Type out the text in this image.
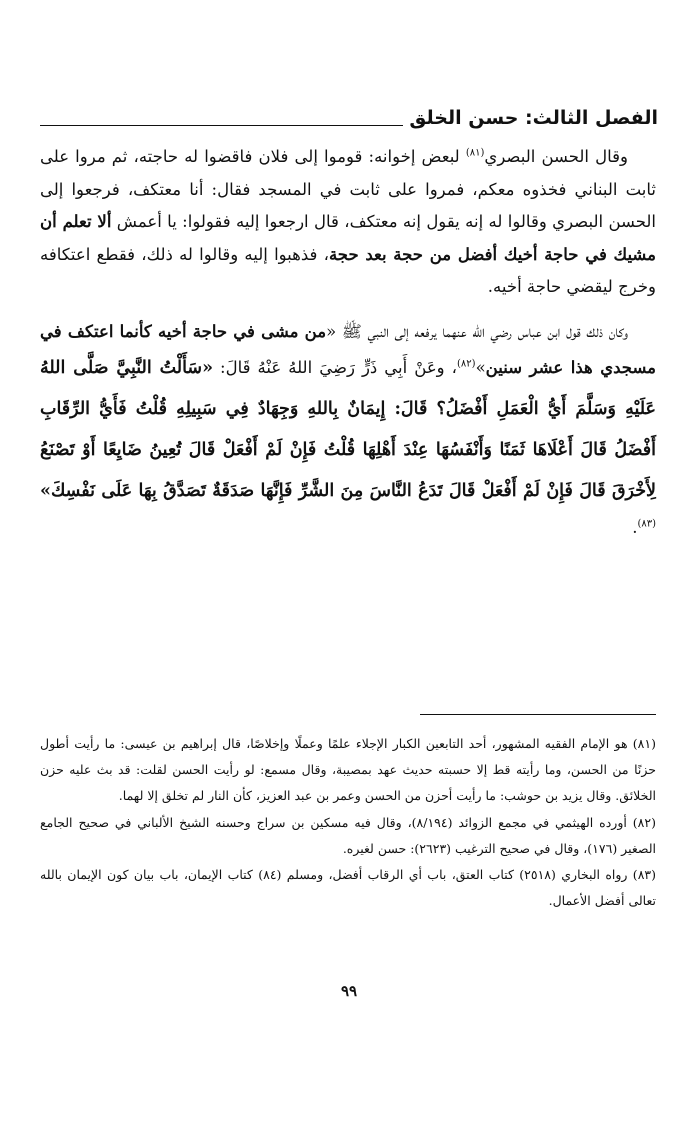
الفصل الثالث: حسن الخلق

وقال الحسن البصري$^{(٨١)}$ لبعض إخوانه: قوموا إلى فلان فاقضوا له حاجته، ثم مروا على ثابت البناني فخذوه معكم، فمروا على ثابت في المسجد فقال: أنا معتكف، فرجعوا إلى الحسن البصري وقالوا له إنه يقول إنه معتكف، قال ارجعوا إليه فقولوا: يا أعمش ألا تعلم أن مشيك في حاجة أخيك أفضل من حجة بعد حجة، فذهبوا إليه وقالوا له ذلك، فقطع اعتكافه وخرج ليقضي حاجة أخيه.

وكان ذلك قول ابن عباس رضي الله عنهما يرفعه إلى النبي ﷺ «من مشى في حاجة أخيه كأنما اعتكف في مسجدي هذا عشر سنين»$^{(٨٢)}$، وعَنْ أَبِي ذَرٍّ رَضِيَ اللهُ عَنْهُ قَالَ: «سَأَلْتُ النَّبِيَّ صَلَّى اللهُ عَلَيْهِ وَسَلَّمَ أَيُّ الْعَمَلِ أَفْضَلُ؟ قَالَ: إِيمَانٌ بِاللهِ وَجِهَادٌ فِي سَبِيلِهِ قُلْتُ فَأَيُّ الرِّقَابِ أَفْضَلُ قَالَ أَعْلَاهَا ثَمَنًا وَأَنْفَسُهَا عِنْدَ أَهْلِهَا قُلْتُ فَإِنْ لَمْ أَفْعَلْ قَالَ تُعِينُ ضَايِعًا أَوْ تَصْنَعُ لِأَخْرَقَ قَالَ فَإِنْ لَمْ أَفْعَلْ قَالَ تَدَعُ النَّاسَ مِنَ الشَّرِّ فَإِنَّهَا صَدَقَةٌ تَصَدَّقُ بِهَا عَلَى نَفْسِكَ» $^{(٨٣)}$.

(٨١) هو الإمام الفقيه المشهور، أحد التابعين الكبار الإجلاء علمًا وعملًا وإخلاصًا، قال إبراهيم بن عيسى: ما رأيت أطول حزنًا من الحسن، وما رأيته قط إلا حسبته حديث عهد بمصيبة، وقال مسمع: لو رأيت الحسن لقلت: قد بث عليه حزن الخلائق. وقال يزيد بن حوشب: ما رأيت أحزن من الحسن وعمر بن عبد العزيز، كأن النار لم تخلق إلا لهما.

(٨٢) أورده الهيثمي في مجمع الزوائد (٨/١٩٤)، وقال فيه مسكين بن سراج وحسنه الشيخ الألباني في صحيح الجامع الصغير (١٧٦)، وقال في صحيح الترغيب (٢٦٢٣): حسن لغيره.

(٨٣) رواه البخاري (٢٥١٨) كتاب العتق، باب أي الرقاب أفضل، ومسلم (٨٤) كتاب الإيمان، باب بيان كون الإيمان بالله تعالى أفضل الأعمال.

٩٩
